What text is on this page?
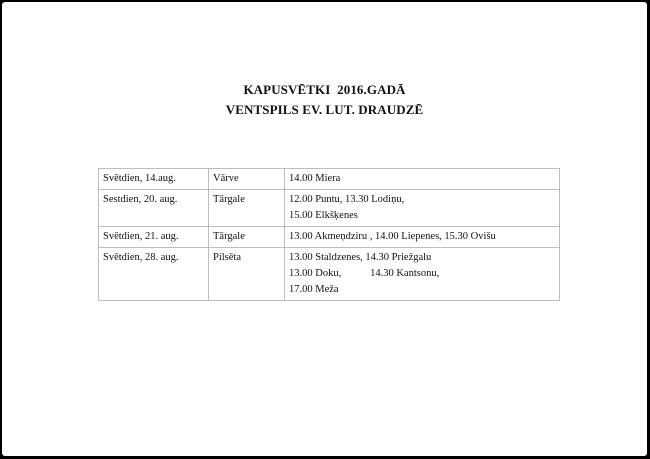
KAPUSVĒTKI  2016.GADĀ
VENTSPILS EV. LUT. DRAUDZĒ
Svētdien, 14.aug.	Vārve	14.00 Miera

Sestdien, 20. aug.	Tārgale	12.00 Puntu, 13.30 Lodiņu,
15.00 Elkšķenes

Svētdien, 21. aug.	Tārgale	13.00 Akmeņdziru , 14.00 Liepenes, 15.30 Ovišu

Svētdien, 28. aug.	Pilsēta	13.00 Staldzenes, 14.30 Priežgalu
13.00 Doku,           14.30 Kantsonu,
17.00 Meža
